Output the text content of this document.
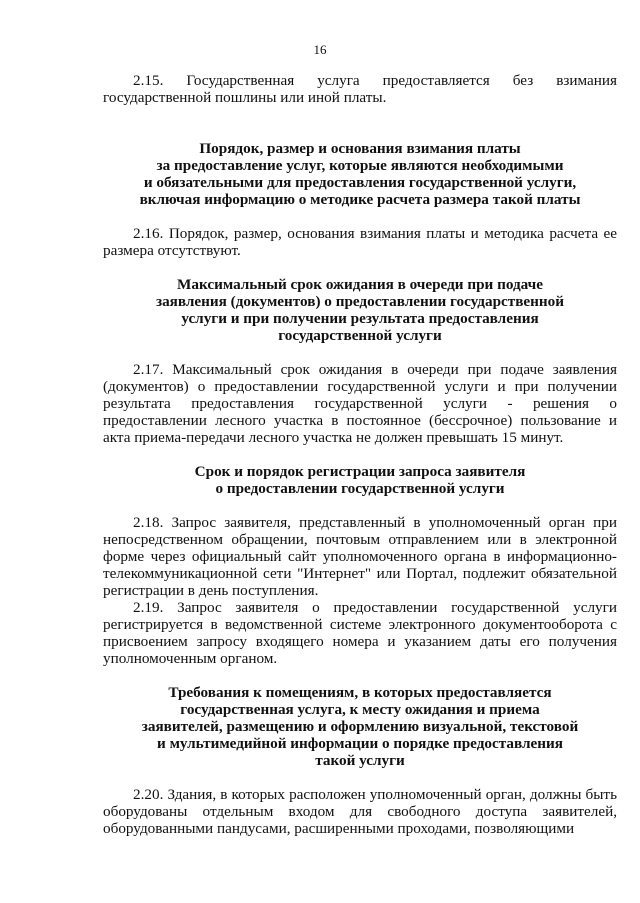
16

2.15. Государственная услуга предоставляется без взимания государственной пошлины или иной платы.

Порядок, размер и основания взимания платы
за предоставление услуг, которые являются необходимыми
и обязательными для предоставления государственной услуги,
включая информацию о методике расчета размера такой платы

2.16. Порядок, размер, основания взимания платы и методика расчета ее размера отсутствуют.

Максимальный срок ожидания в очереди при подаче
заявления (документов) о предоставлении государственной
услуги и при получении результата предоставления
государственной услуги

2.17. Максимальный срок ожидания в очереди при подаче заявления (документов) о предоставлении государственной услуги и при получении результата предоставления государственной услуги - решения о предоставлении лесного участка в постоянное (бессрочное) пользование и акта приема-передачи лесного участка не должен превышать 15 минут.

Срок и порядок регистрации запроса заявителя
о предоставлении государственной услуги

2.18. Запрос заявителя, представленный в уполномоченный орган при непосредственном обращении, почтовым отправлением или в электронной форме через официальный сайт уполномоченного органа в информационно-телекоммуникационной сети "Интернет" или Портал, подлежит обязательной регистрации в день поступления.

2.19. Запрос заявителя о предоставлении государственной услуги регистрируется в ведомственной системе электронного документооборота с присвоением запросу входящего номера и указанием даты его получения уполномоченным органом.

Требования к помещениям, в которых предоставляется
государственная услуга, к месту ожидания и приема
заявителей, размещению и оформлению визуальной, текстовой
и мультимедийной информации о порядке предоставления
такой услуги

2.20. Здания, в которых расположен уполномоченный орган, должны быть оборудованы отдельным входом для свободного доступа заявителей, оборудованными пандусами, расширенными проходами, позволяющими
